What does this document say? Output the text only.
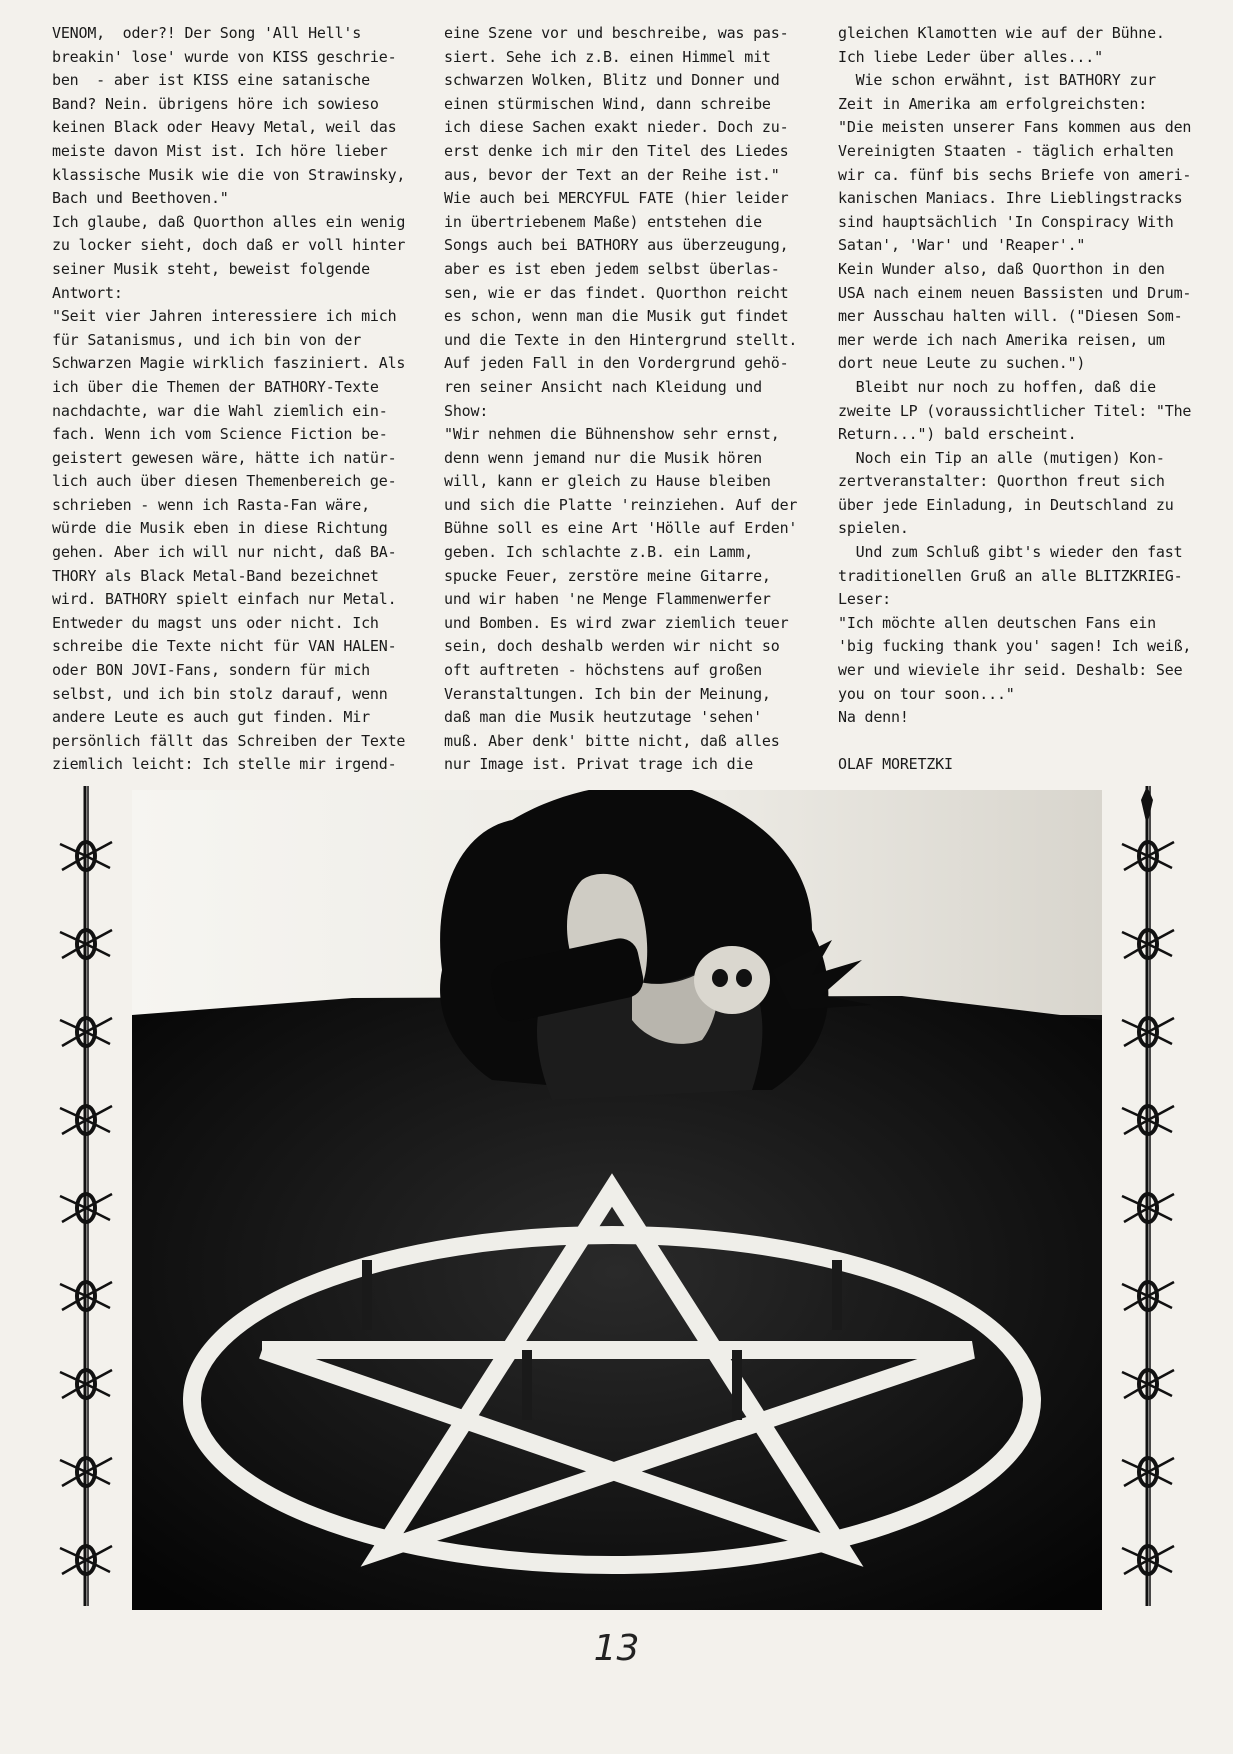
VENOM,  oder?! Der Song 'All Hell's
breakin' lose' wurde von KISS geschrie-
ben  - aber ist KISS eine satanische
Band? Nein. übrigens höre ich sowieso
keinen Black oder Heavy Metal, weil das
meiste davon Mist ist. Ich höre lieber
klassische Musik wie die von Strawinsky,
Bach und Beethoven."
Ich glaube, daß Quorthon alles ein wenig
zu locker sieht, doch daß er voll hinter
seiner Musik steht, beweist folgende
Antwort:
"Seit vier Jahren interessiere ich mich
für Satanismus, und ich bin von der
Schwarzen Magie wirklich fasziniert. Als
ich über die Themen der BATHORY-Texte
nachdachte, war die Wahl ziemlich ein-
fach. Wenn ich vom Science Fiction be-
geistert gewesen wäre, hätte ich natür-
lich auch über diesen Themenbereich ge-
schrieben - wenn ich Rasta-Fan wäre,
würde die Musik eben in diese Richtung
gehen. Aber ich will nur nicht, daß BA-
THORY als Black Metal-Band bezeichnet
wird. BATHORY spielt einfach nur Metal.
Entweder du magst uns oder nicht. Ich
schreibe die Texte nicht für VAN HALEN-
oder BON JOVI-Fans, sondern für mich
selbst, und ich bin stolz darauf, wenn
andere Leute es auch gut finden. Mir
persönlich fällt das Schreiben der Texte
ziemlich leicht: Ich stelle mir irgend-
eine Szene vor und beschreibe, was pas-
siert. Sehe ich z.B. einen Himmel mit
schwarzen Wolken, Blitz und Donner und
einen stürmischen Wind, dann schreibe
ich diese Sachen exakt nieder. Doch zu-
erst denke ich mir den Titel des Liedes
aus, bevor der Text an der Reihe ist."
Wie auch bei MERCYFUL FATE (hier leider
in übertriebenem Maße) entstehen die
Songs auch bei BATHORY aus überzeugung,
aber es ist eben jedem selbst überlas-
sen, wie er das findet. Quorthon reicht
es schon, wenn man die Musik gut findet
und die Texte in den Hintergrund stellt.
Auf jeden Fall in den Vordergrund gehö-
ren seiner Ansicht nach Kleidung und
Show:
"Wir nehmen die Bühnenshow sehr ernst,
denn wenn jemand nur die Musik hören
will, kann er gleich zu Hause bleiben
und sich die Platte 'reinziehen. Auf der
Bühne soll es eine Art 'Hölle auf Erden'
geben. Ich schlachte z.B. ein Lamm,
spucke Feuer, zerstöre meine Gitarre,
und wir haben 'ne Menge Flammenwerfer
und Bomben. Es wird zwar ziemlich teuer
sein, doch deshalb werden wir nicht so
oft auftreten - höchstens auf großen
Veranstaltungen. Ich bin der Meinung,
daß man die Musik heutzutage 'sehen'
muß. Aber denk' bitte nicht, daß alles
nur Image ist. Privat trage ich die
gleichen Klamotten wie auf der Bühne.
Ich liebe Leder über alles..."
Wie schon erwähnt, ist BATHORY zur
Zeit in Amerika am erfolgreichsten:
"Die meisten unserer Fans kommen aus den
Vereinigten Staaten - täglich erhalten
wir ca. fünf bis sechs Briefe von ameri-
kanischen Maniacs. Ihre Lieblingstracks
sind hauptsächlich 'In Conspiracy With
Satan', 'War' und 'Reaper'."
Kein Wunder also, daß Quorthon in den
USA nach einem neuen Bassisten und Drum-
mer Ausschau halten will. ("Diesen Som-
mer werde ich nach Amerika reisen, um
dort neue Leute zu suchen.")
Bleibt nur noch zu hoffen, daß die
zweite LP (voraussichtlicher Titel: "The
Return...") bald erscheint.
Noch ein Tip an alle (mutigen) Kon-
zertveranstalter: Quorthon freut sich
über jede Einladung, in Deutschland zu
spielen.
Und zum Schluß gibt's wieder den fast
traditionellen Gruß an alle BLITZKRIEG-
Leser:
"Ich möchte allen deutschen Fans ein
'big fucking thank you' sagen! Ich weiß,
wer und wieviele ihr seid. Deshalb: See
you on tour soon..."
Na denn!

OLAF MORETZKI
13
